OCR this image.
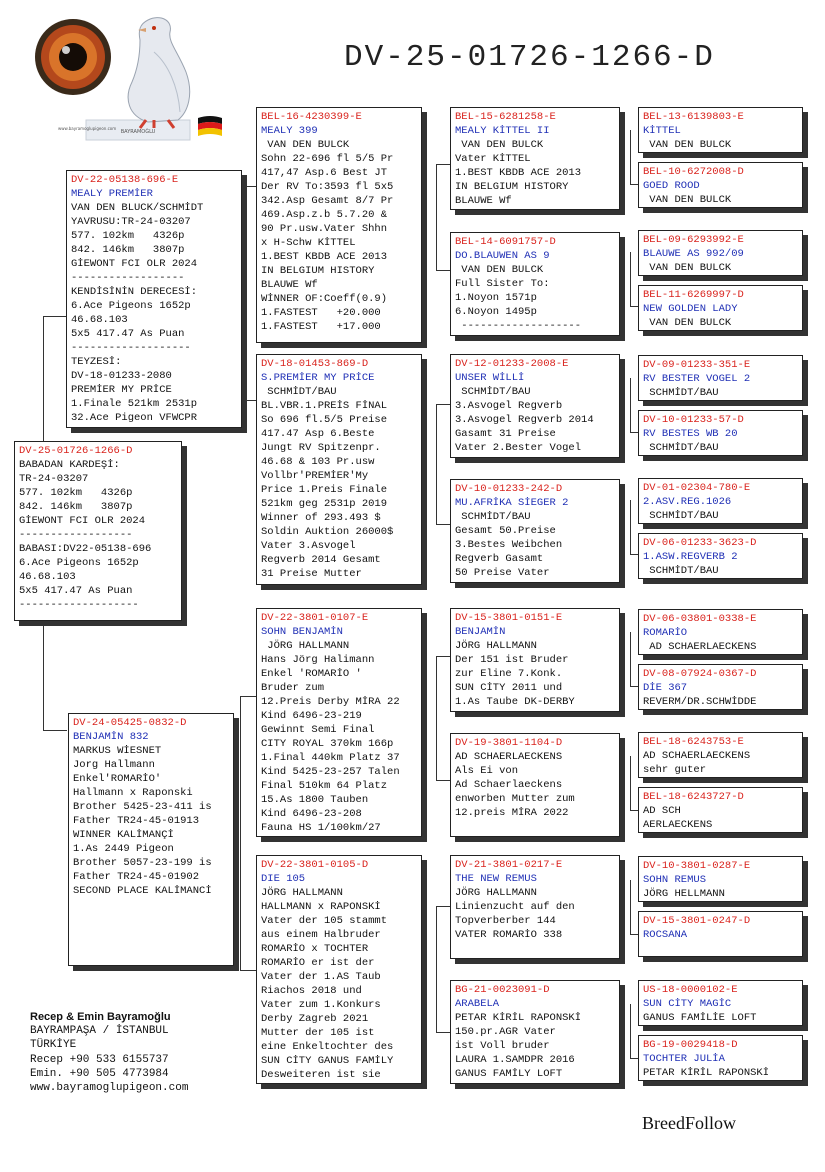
BAYRAMOĞLU
www.bayramoglupigeon.com
DV-25-01726-1266-D
DV-25-01726-1266-D
BABADAN KARDEŞİ:
TR-24-03207
577. 102km   4326p
842. 146km   3807p
GİEWONT FCI OLR 2024
------------------
BABASI:DV22-05138-696
6.Ace Pigeons 1652p
46.68.103
5x5 417.47 As Puan
-------------------
DV-22-05138-696-E
MEALY PREMİER
VAN DEN BLUCK/SCHMİDT
YAVRUSU:TR-24-03207
577. 102km   4326p
842. 146km   3807p
GİEWONT FCI OLR 2024
------------------
KENDİSİNİN DERECESİ:
6.Ace Pigeons 1652p
46.68.103
5x5 417.47 As Puan
-------------------
TEYZESİ:
DV-18-01233-2080
PREMİER MY PRİCE
1.Finale 521km 2531p
32.Ace Pigeon VFWCPR
DV-24-05425-0832-D
BENJAMİN 832
MARKUS WİESNET
Jorg Hallmann
Enkel'ROMARİO'
Hallmann x Raponski
Brother 5425-23-411 is
Father TR24-45-01913
WINNER KALİMANÇİ
1.As 2449 Pigeon
Brother 5057-23-199 is
Father TR24-45-01902
SECOND PLACE KALİMANCİ
BEL-16-4230399-E
MEALY 399
VAN DEN BULCK
Sohn 22-696 fl 5/5 Pr
417,47 Asp.6 Best JT
Der RV To:3593 fl 5x5
342.Asp Gesamt 8/7 Pr
469.Asp.z.b 5.7.20 &
90 Pr.usw.Vater Shhn
x H-Schw KİTTEL
1.BEST KBDB ACE 2013
IN BELGIUM HISTORY
BLAUWE Wf
WİNNER OF:Coeff(0.9)
1.FASTEST   +20.000
1.FASTEST   +17.000
DV-18-01453-869-D
S.PREMİER MY PRİCE
SCHMİDT/BAU
BL.VBR.1.PREİS FİNAL
So 696 fl.5/5 Preise
417.47 Asp 6.Beste
Jungt RV Spitzenpr.
46.68 & 103 Pr.usw
Vollbr'PREMİER'My
Price 1.Preis Finale
521km geg 2531p 2019
Winner of 293.493 $
Soldin Auktion 26000$
Vater 3.Asvogel
Regverb 2014 Gesamt
31 Preise Mutter
DV-22-3801-0107-E
SOHN BENJAMİN
JÖRG HALLMANN
Hans Jörg Halimann
Enkel 'ROMARİO '
Bruder zum
12.Preis Derby MİRA 22
Kind 6496-23-219
Gewinnt Semi Final
CITY ROYAL 370km 166p
1.Final 440km Platz 37
Kind 5425-23-257 Talen
Final 510km 64 Platz
15.As 1800 Tauben
Kind 6496-23-208
Fauna HS 1/100km/27
DV-22-3801-0105-D
DIE 105
JÖRG HALLMANN
HALLMANN x RAPONSKİ
Vater der 105 stammt
aus einem Halbruder
ROMARİO x TOCHTER
ROMARİO er ist der
Vater der 1.AS Taub
Riachos 2018 und
Vater zum 1.Konkurs
Derby Zagreb 2021
Mutter der 105 ist
eine Enkeltochter des
SUN CİTY GANUS FAMİLY
Desweiteren ist sie
BEL-15-6281258-E
MEALY KİTTEL II
VAN DEN BULCK
Vater KİTTEL
1.BEST KBDB ACE 2013
IN BELGIUM HISTORY
BLAUWE Wf
BEL-14-6091757-D
DO.BLAUWEN AS 9
VAN DEN BULCK
Full Sister To:
1.Noyon 1571p
6.Noyon 1495p
-------------------
DV-12-01233-2008-E
UNSER WİLLİ
SCHMİDT/BAU
3.Asvogel Regverb
3.Asvogel Regverb 2014
Gasamt 31 Preise
Vater 2.Bester Vogel
DV-10-01233-242-D
MU.AFRİKA SİEGER 2
SCHMİDT/BAU
Gesamt 50.Preise
3.Bestes Weibchen
Regverb Gasamt
50 Preise Vater
DV-15-3801-0151-E
BENJAMİN
JÖRG HALLMANN
Der 151 ist Bruder
zur Eline 7.Konk.
SUN CİTY 2011 und
1.As Taube DK-DERBY
DV-19-3801-1104-D
AD SCHAERLAECKENS
Als Ei von
Ad Schaerlaeckens
enworben Mutter zum
12.preis MİRA 2022
DV-21-3801-0217-E
THE NEW REMUS
JÖRG HALLMANN
Linienzucht auf den
Topverberber 144
VATER ROMARİO 338
BG-21-0023091-D
ARABELA
PETAR KİRİL RAPONSKİ
150.pr.AGR Vater
ist Voll bruder
LAURA 1.SAMDPR 2016
GANUS FAMİLY LOFT
BEL-13-6139803-E
KİTTEL
VAN DEN BULCK
BEL-10-6272008-D
GOED ROOD
VAN DEN BULCK
BEL-09-6293992-E
BLAUWE AS 992/09
VAN DEN BULCK
BEL-11-6269997-D
NEW GOLDEN LADY
VAN DEN BULCK
DV-09-01233-351-E
RV BESTER VOGEL 2
SCHMİDT/BAU
DV-10-01233-57-D
RV BESTES WB 20
SCHMİDT/BAU
DV-01-02304-780-E
2.ASV.REG.1026
SCHMİDT/BAU
DV-06-01233-3623-D
1.ASW.REGVERB 2
SCHMİDT/BAU
DV-06-03801-0338-E
ROMARİO
AD SCHAERLAECKENS
DV-08-07924-0367-D
DİE 367
REVERM/DR.SCHWİDDE
BEL-18-6243753-E
AD SCHAERLAECKENS
sehr guter
BEL-18-6243727-D
AD SCH
AERLAECKENS
DV-10-3801-0287-E
SOHN REMUS
JÖRG HELLMANN
DV-15-3801-0247-D
ROCSANA
US-18-0000102-E
SUN CİTY MAGİC
GANUS FAMİLİE LOFT
BG-19-0029418-D
TOCHTER JULİA
PETAR KİRİL RAPONSKİ
Recep & Emin Bayramoğlu
BAYRAMPAŞA / İSTANBUL
TÜRKİYE
Recep +90 533 6155737
Emin. +90 505 4773984
www.bayramoglupigeon.com
BreedFollow
